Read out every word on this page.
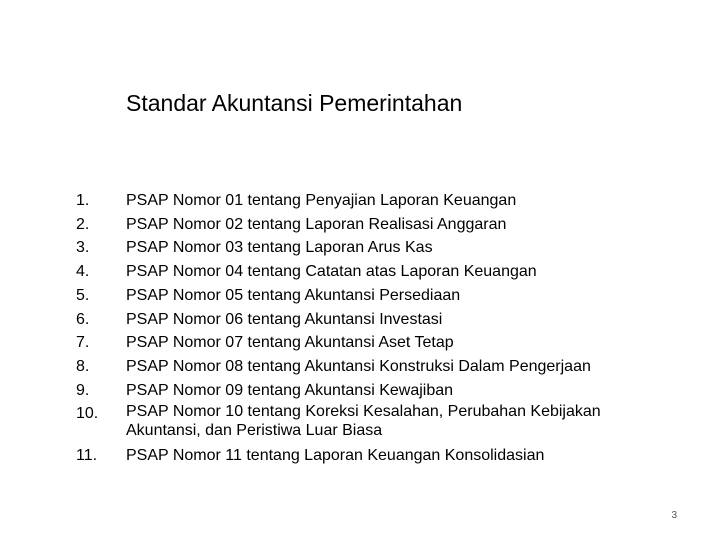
Standar Akuntansi Pemerintahan
1.	PSAP Nomor 01 tentang Penyajian Laporan Keuangan
2.	PSAP Nomor 02 tentang Laporan Realisasi Anggaran
3.	PSAP Nomor 03 tentang Laporan Arus Kas
4.	PSAP Nomor 04 tentang Catatan atas Laporan Keuangan
5.	PSAP Nomor 05 tentang Akuntansi Persediaan
6.	PSAP Nomor 06 tentang Akuntansi Investasi
7.	PSAP Nomor 07 tentang Akuntansi Aset Tetap
8.	PSAP Nomor 08 tentang Akuntansi Konstruksi Dalam Pengerjaan
9.	PSAP Nomor 09 tentang Akuntansi Kewajiban
10.	PSAP Nomor 10 tentang Koreksi Kesalahan, Perubahan Kebijakan
Akuntansi, dan Peristiwa Luar Biasa
11.	PSAP Nomor 11 tentang Laporan Keuangan Konsolidasian
3
